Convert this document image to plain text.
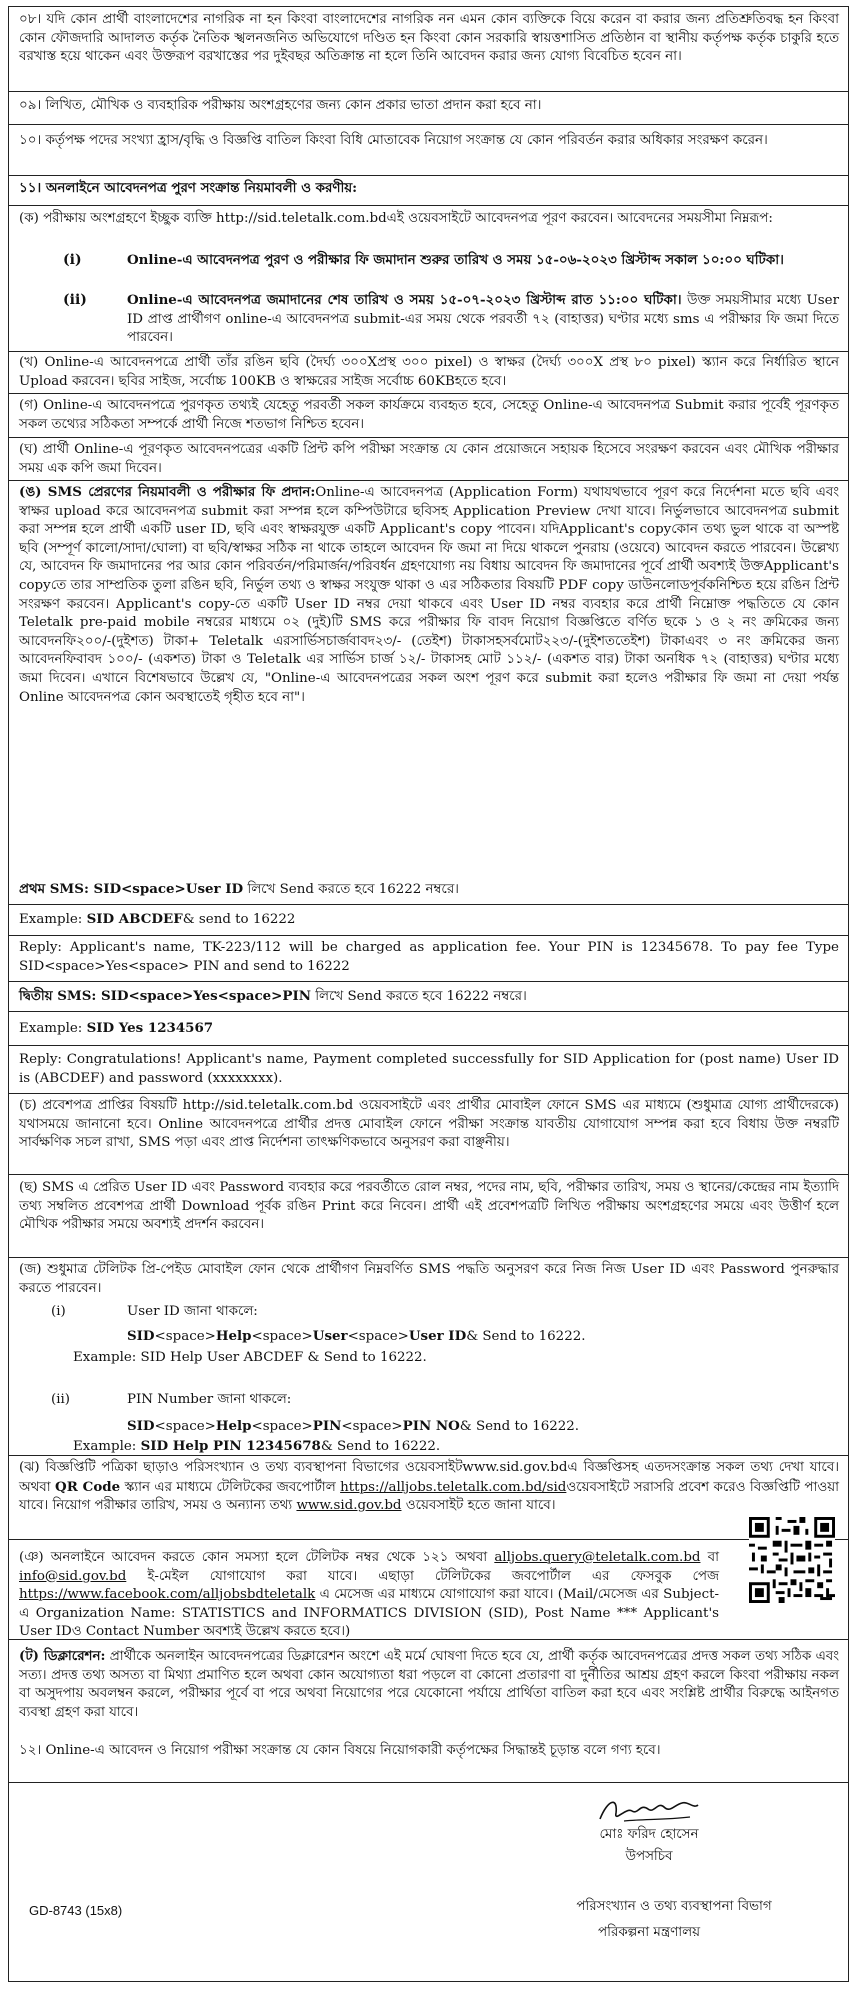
০৮। যদি কোন প্রার্থী বাংলাদেশের নাগরিক না হন কিংবা বাংলাদেশের নাগরিক নন এমন কোন ব্যক্তিকে বিয়ে করেন বা করার জন্য প্রতিশ্রুতিবদ্ধ হন কিংবা কোন ফৌজদারি আদালত কর্তৃক নৈতিক স্খলনজনিত অভিযোগে দণ্ডিত হন কিংবা কোন সরকারি স্বায়ত্তশাসিত প্রতিষ্ঠান বা স্থানীয় কর্তৃপক্ষ কর্তৃক চাকুরি হতে বরখাস্ত হয়ে থাকেন এবং উক্তরূপ বরখাস্তের পর দুইবছর অতিক্রান্ত না হলে তিনি আবেদন করার জন্য যোগ্য বিবেচিত হবেন না।

০৯। লিখিত, মৌখিক ও ব্যবহারিক পরীক্ষায় অংশগ্রহণের জন্য কোন প্রকার ভাতা প্রদান করা হবে না।

১০। কর্তৃপক্ষ পদের সংখ্যা হ্রাস/বৃদ্ধি ও বিজ্ঞপ্তি বাতিল কিংবা বিধি মোতাবেক নিয়োগ সংক্রান্ত যে কোন পরিবর্তন করার অধিকার সংরক্ষণ করেন।

১১। অনলাইনে আবেদনপত্র পুরণ সংক্রান্ত নিয়মাবলী ও করণীয়:

(ক) পরীক্ষায় অংশগ্রহণে ইচ্ছুক ব্যক্তি http://sid.teletalk.com.bdএই ওয়েবসাইটে আবেদনপত্র পূরণ করবেন। আবেদনের সময়সীমা নিম্নরূপ:

(i)	Online-এ আবেদনপত্র পুরণ ও পরীক্ষার ফি জমাদান শুরুর তারিখ ও সময় ১৫-০৬-২০২৩ খ্রিস্টাব্দ সকাল ১০:০০ ঘটিকা।
(ii)	Online-এ আবেদনপত্র জমাদানের শেষ তারিখ ও সময় ১৫-০৭-২০২৩ খ্রিস্টাব্দ রাত ১১:০০ ঘটিকা। উক্ত সময়সীমার মধ্যে User ID প্রাপ্ত প্রার্থীগণ online-এ আবেদনপত্র submit-এর সময় থেকে পরবর্তী ৭২ (বাহাত্তর) ঘণ্টার মধ্যে sms এ পরীক্ষার ফি জমা দিতে পারবেন।

(খ) Online-এ আবেদনপত্রে প্রার্থী তাঁর রঙিন ছবি (দৈর্ঘ্য ৩০০Xপ্রস্থ ৩০০ pixel) ও স্বাক্ষর (দৈর্ঘ্য ৩০০X প্রস্থ ৮০ pixel) স্ক্যান করে নির্ধারিত স্থানে Upload করবেন। ছবির সাইজ, সর্বোচ্চ 100KB ও স্বাক্ষরের সাইজ সর্বোচ্চ 60KBহতে হবে।

(গ) Online-এ আবেদনপত্রে পুরণকৃত তথ্যই যেহেতু পরবর্তী সকল কার্যক্রমে ব্যবহৃত হবে, সেহেতু Online-এ আবেদনপত্র Submit করার পূর্বেই পূরণকৃত সকল তথ্যের সঠিকতা সম্পর্কে প্রার্থী নিজে শতভাগ নিশ্চিত হবেন।

(ঘ) প্রার্থী Online-এ পূরণকৃত আবেদনপত্রের একটি প্রিন্ট কপি পরীক্ষা সংক্রান্ত যে কোন প্রয়োজনে সহায়ক হিসেবে সংরক্ষণ করবেন এবং মৌখিক পরীক্ষার সময় এক কপি জমা দিবেন।

(ঙ) SMS প্রেরণের নিয়মাবলী ও পরীক্ষার ফি প্রদান:Online-এ আবেদনপত্র (Application Form) যথাযথভাবে পূরণ করে নির্দেশনা মতে ছবি এবং স্বাক্ষর upload করে আবেদনপত্র submit করা সম্পন্ন হলে কম্পিউটারে ছবিসহ Application Preview দেখা যাবে। নির্ভুলভাবে আবেদনপত্র submit করা সম্পন্ন হলে প্রার্থী একটি user ID, ছবি এবং স্বাক্ষরযুক্ত একটি Applicant's copy পাবেন। যদিApplicant's copyকোন তথ্য ভুল থাকে বা অস্পষ্ট ছবি (সম্পূর্ণ কালো/সাদা/ঘোলা) বা ছবি/স্বাক্ষর সঠিক না থাকে তাহলে আবেদন ফি জমা না দিয়ে থাকলে পুনরায় (ওয়েবে) আবেদন করতে পারবেন। উল্লেখ্য যে, আবেদন ফি জমাদানের পর আর কোন পরিবর্তন/পরিমার্জন/পরিবর্ধন গ্রহণযোগ্য নয় বিধায় আবেদন ফি জমাদানের পূর্বে প্রার্থী অবশ্যই উক্তApplicant's copyতে তার সাম্প্রতিক তুলা রঙিন ছবি, নির্ভুল তথ্য ও স্বাক্ষর সংযুক্ত থাকা ও এর সঠিকতার বিষয়টি PDF copy ডাউনলোডপূর্বকনিশ্চিত হয়ে রঙিন প্রিন্ট সংরক্ষণ করবেন। Applicant's copy-তে একটি User ID নম্বর দেয়া থাকবে এবং User ID নম্বর ব্যবহার করে প্রার্থী নিম্নোক্ত পদ্ধতিতে যে কোন Teletalk pre-paid mobile নম্বরের মাধ্যমে ০২ (দুই)টি SMS করে পরীক্ষার ফি বাবদ নিয়োগ বিজ্ঞপ্তিতে বর্ণিত ছকে ১ ও ২ নং ক্রমিকের জন্য আবেদনফি২০০/-(দুইশত) টাকা+ Teletalk এরসার্ভিসচার্জবাবদ২৩/- (তেইশ) টাকাসহসর্বমোট২২৩/-(দুইশততেইশ) টাকাএবং ৩ নং ক্রমিকের জন্য আবেদনফিবাবদ ১০০/- (একশত) টাকা ও Teletalk এর সার্ভিস চার্জ ১২/- টাকাসহ মোট ১১২/- (একশত বার) টাকা অনধিক ৭২ (বাহাত্তর) ঘণ্টার মধ্যে জমা দিবেন। এখানে বিশেষভাবে উল্লেখ যে, "Online-এ আবেদনপত্রের সকল অংশ পূরণ করে submit করা হলেও পরীক্ষার ফি জমা না দেয়া পর্যন্ত Online আবেদনপত্র কোন অবস্থাতেই গৃহীত হবে না"।

প্রথম SMS: SID<space>User ID লিখে Send করতে হবে 16222 নম্বরে।

Example: SID ABCDEF& send to 16222

Reply: Applicant's name, TK-223/112 will be charged as application fee. Your PIN is 12345678. To pay fee Type SID<space>Yes<space> PIN and send to 16222

দ্বিতীয় SMS: SID<space>Yes<space>PIN লিখে Send করতে হবে 16222 নম্বরে।

Example: SID Yes 1234567

Reply: Congratulations! Applicant's name, Payment completed successfully for SID Application for (post name) User ID is (ABCDEF) and password (xxxxxxxx).

(চ) প্রবেশপত্র প্রাপ্তির বিষয়টি http://sid.teletalk.com.bd ওয়েবসাইটে এবং প্রার্থীর মোবাইল ফোনে SMS এর মাধ্যমে (শুধুমাত্র যোগ্য প্রার্থীদেরকে) যথাসময়ে জানানো হবে। Online আবেদনপত্রে প্রার্থীর প্রদত্ত মোবাইল ফোনে পরীক্ষা সংক্রান্ত যাবতীয় যোগাযোগ সম্পন্ন করা হবে বিধায় উক্ত নম্বরটি সার্বক্ষণিক সচল রাখা, SMS পড়া এবং প্রাপ্ত নির্দেশনা তাৎক্ষণিকভাবে অনুসরণ করা বাঞ্ছনীয়।

(ছ) SMS এ প্রেরিত User ID এবং Password ব্যবহার করে পরবর্তীতে রোল নম্বর, পদের নাম, ছবি, পরীক্ষার তারিখ, সময় ও স্থানের/কেন্দ্রের নাম ইত্যাদি তথ্য সম্বলিত প্রবেশপত্র প্রার্থী Download পূর্বক রঙিন Print করে নিবেন। প্রার্থী এই প্রবেশপত্রটি লিখিত পরীক্ষায় অংশগ্রহণের সময়ে এবং উত্তীর্ণ হলে মৌখিক পরীক্ষার সময়ে অবশ্যই প্রদর্শন করবেন।

(জ) শুধুমাত্র টেলিটক প্রি-পেইড মোবাইল ফোন থেকে প্রার্থীগণ নিম্নবর্ণিত SMS পদ্ধতি অনুসরণ করে নিজ নিজ User ID এবং Password পুনরুদ্ধার করতে পারবেন।

(i)	User ID জানা থাকলে:
SID<space>Help<space>User<space>User ID& Send to 16222.
Example: SID Help User ABCDEF & Send to 16222.
(ii)	PIN Number জানা থাকলে:
SID<space>Help<space>PIN<space>PIN NO& Send to 16222.
Example: SID Help PIN 12345678& Send to 16222.

(ঝ) বিজ্ঞপ্তিটি পত্রিকা ছাড়াও পরিসংখ্যান ও তথ্য ব্যবস্থাপনা বিভাগের ওয়েবসাইটwww.sid.gov.bdএ বিজ্ঞপ্তিসহ এতদসংক্রান্ত সকল তথ্য দেখা যাবে। অথবা QR Code স্ক্যান এর মাধ্যমে টেলিটকের জবপোর্টাল https://alljobs.teletalk.com.bd/sidওয়েবসাইটে সরাসরি প্রবেশ করেও বিজ্ঞপ্তিটি পাওয়া যাবে। নিয়োগ পরীক্ষার তারিখ, সময় ও অন্যান্য তথ্য www.sid.gov.bd ওয়েবসাইট হতে জানা যাবে।

(ঞ) অনলাইনে আবেদন করতে কোন সমস্যা হলে টেলিটক নম্বর থেকে ১২১ অথবা alljobs.query@teletalk.com.bd বা info@sid.gov.bd ই-মেইল যোগাযোগ করা যাবে। এছাড়া টেলিটকের জবপোর্টাল এর ফেসবুক পেজ https://www.facebook.com/alljobsbdteletalk এ মেসেজ এর মাধ্যমে যোগাযোগ করা যাবে। (Mail/মেসেজ এর Subject-এ Organization Name: STATISTICS and INFORMATICS DIVISION (SID), Post Name *** Applicant's User IDও Contact Number অবশ্যই উল্লেখ করতে হবে।)

(ট) ডিক্লারেশন: প্রার্থীকে অনলাইন আবেদনপত্রের ডিক্লারেশন অংশে এই মর্মে ঘোষণা দিতে হবে যে, প্রার্থী কর্তৃক আবেদনপত্রের প্রদত্ত সকল তথ্য সঠিক এবং সত্য। প্রদত্ত তথ্য অসত্য বা মিথ্যা প্রমাণিত হলে অথবা কোন অযোগ্যতা ধরা পড়লে বা কোনো প্রতারণা বা দুর্নীতির আশ্রয় গ্রহণ করলে কিংবা পরীক্ষায় নকল বা অসুদপায় অবলম্বন করলে, পরীক্ষার পূর্বে বা পরে অথবা নিয়োগের পরে যেকোনো পর্যায়ে প্রার্থিতা বাতিল করা হবে এবং সংশ্লিষ্ট প্রার্থীর বিরুদ্ধে আইনগত ব্যবস্থা গ্রহণ করা যাবে।

১২। Online-এ আবেদন ও নিয়োগ পরীক্ষা সংক্রান্ত যে কোন বিষয়ে নিয়োগকারী কর্তৃপক্ষের সিদ্ধান্তই চূড়ান্ত বলে গণ্য হবে।

মোঃ ফরিদ হোসেন
উপসচিব
পরিসংখ্যান ও তথ্য ব্যবস্থাপনা বিভাগ
পরিকল্পনা মন্ত্রণালয়
GD-8743 (15x8)
